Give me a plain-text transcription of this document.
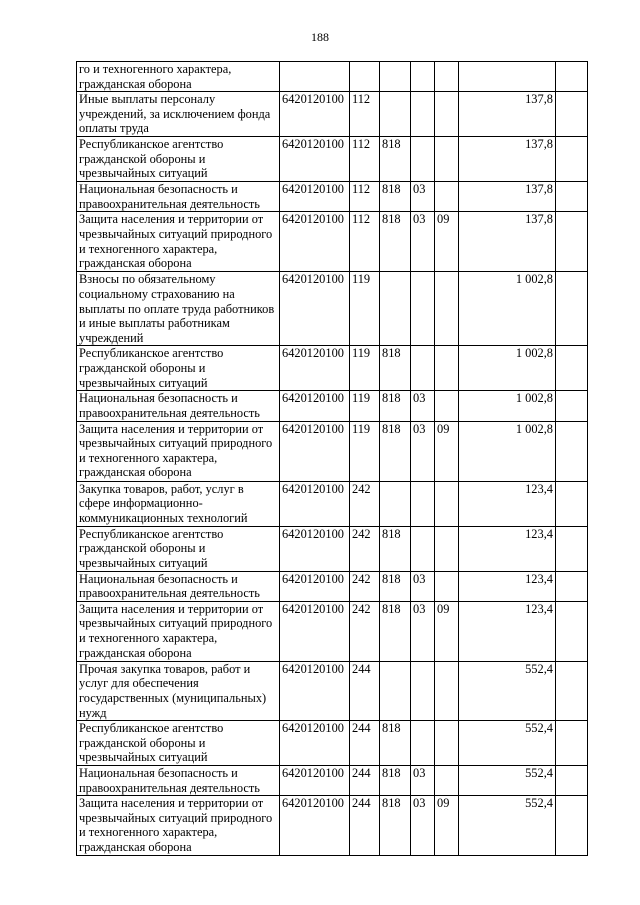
188
го и техногенного характера, гражданская оборона							
Иные выплаты персоналу учреждений, за исключением фонда оплаты труда	6420120100	112				137,8	
Республиканское агентство гражданской обороны и чрезвычайных ситуаций	6420120100	112	818			137,8	
Национальная безопасность и правоохранительная деятельность	6420120100	112	818	03		137,8	
Защита населения и территории от чрезвычайных ситуаций природного и техногенного характера, гражданская оборона	6420120100	112	818	03	09	137,8	
Взносы по обязательному социальному страхованию на выплаты по оплате труда работников и иные выплаты работникам учреждений	6420120100	119				1 002,8	
Республиканское агентство гражданской обороны и чрезвычайных ситуаций	6420120100	119	818			1 002,8	
Национальная безопасность и правоохранительная деятельность	6420120100	119	818	03		1 002,8	
Защита населения и территории от чрезвычайных ситуаций природного и техногенного характера, гражданская оборона	6420120100	119	818	03	09	1 002,8	
Закупка товаров, работ, услуг в сфере информационно-коммуникационных технологий	6420120100	242				123,4	
Республиканское агентство гражданской обороны и чрезвычайных ситуаций	6420120100	242	818			123,4	
Национальная безопасность и правоохранительная деятельность	6420120100	242	818	03		123,4	
Защита населения и территории от чрезвычайных ситуаций природного и техногенного характера, гражданская оборона	6420120100	242	818	03	09	123,4	
Прочая закупка товаров, работ и услуг для обеспечения государственных (муниципальных) нужд	6420120100	244				552,4	
Республиканское агентство гражданской обороны и чрезвычайных ситуаций	6420120100	244	818			552,4	
Национальная безопасность и правоохранительная деятельность	6420120100	244	818	03		552,4	
Защита населения и территории от чрезвычайных ситуаций природного и техногенного характера, гражданская оборона	6420120100	244	818	03	09	552,4	
